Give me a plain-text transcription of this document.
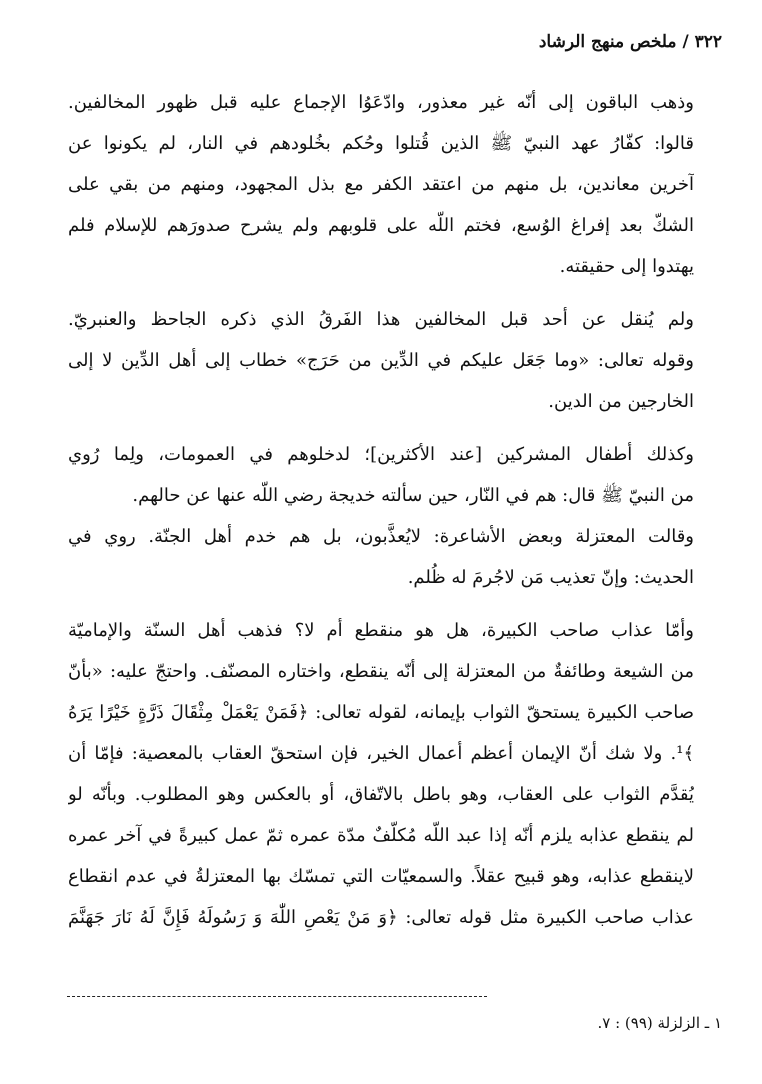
٣٢٢ / ملخص منهج الرشاد
وذهب الباقون إلى أنّه غير معذور، وادّعَوُا الإجماع عليه قبل ظهور المخالفين.
قالوا: كفّارُ عهد النبيّ ﷺ الذين قُتلوا وحُكم بخُلودهم في النار، لم يكونوا عن
آخرين معاندين، بل منهم من اعتقد الكفر مع بذل المجهود، ومنهم من بقي على
الشكّ بعد إفراغ الوُسع، فختم اللّه على قلوبهم ولم يشرح صدورَهم للإسلام فلم
يهتدوا إلى حقيقته.
ولم يُنقل عن أحد قبل المخالفين هذا الفَرقُ الذي ذكره الجاحظ والعنبريّ.
وقوله تعالى: «وما جَعَل عليكم في الدِّين من حَرَج» خطاب إلى أهل الدِّين لا إلى
الخارجين من الدين.
وكذلك أطفال المشركين [عند الأكثرين]؛ لدخلوهم في العمومات، ولِما رُوي
من النبيّ ﷺ قال: هم في النّار، حين سألته خديجة رضي اللّه عنها عن حالهم.
وقالت المعتزلة وبعض الأشاعرة: لايُعذَّبون، بل هم خدم أهل الجنّة. روي في
الحديث: وإنّ تعذيب مَن لاجُرمَ له ظُلم.
وأمّا عذاب صاحب الكبيرة، هل هو منقطع أم لا؟ فذهب أهل السنّة والإماميّة
من الشيعة وطائفةٌ من المعتزلة إلى أنّه ينقطع، واختاره المصنّف. واحتجّ عليه: «بأنّ
صاحب الكبيرة يستحقّ الثواب بإيمانه، لقوله تعالى: ﴿فَمَنْ يَعْمَلْ مِثْقَالَ ذَرَّةٍ خَيْرًا يَرَهُ
﴾¹. ولا شك أنّ الإيمان أعظم أعمال الخير، فإن استحقّ العقاب بالمعصية: فإمّا أن
يُقدَّم الثواب على العقاب، وهو باطل بالاتّفاق، أو بالعكس وهو المطلوب. وبأنّه لو
لم ينقطع عذابه يلزم أنّه إذا عبد اللّه مُكلّفٌ مدّة عمره ثمّ عمل كبيرةً في آخر عمره
لاينقطع عذابه، وهو قبيح عقلاً. والسمعيّات التي تمسّك بها المعتزلةُ في عدم انقطاع
عذاب صاحب الكبيرة مثل قوله تعالى: ﴿وَ مَنْ يَعْصِ اللّٰهَ وَ رَسُولَهُ فَإِنَّ لَهُ نَارَ جَهَنَّمَ
١ ـ الزلزلة (٩٩) : ٧.
